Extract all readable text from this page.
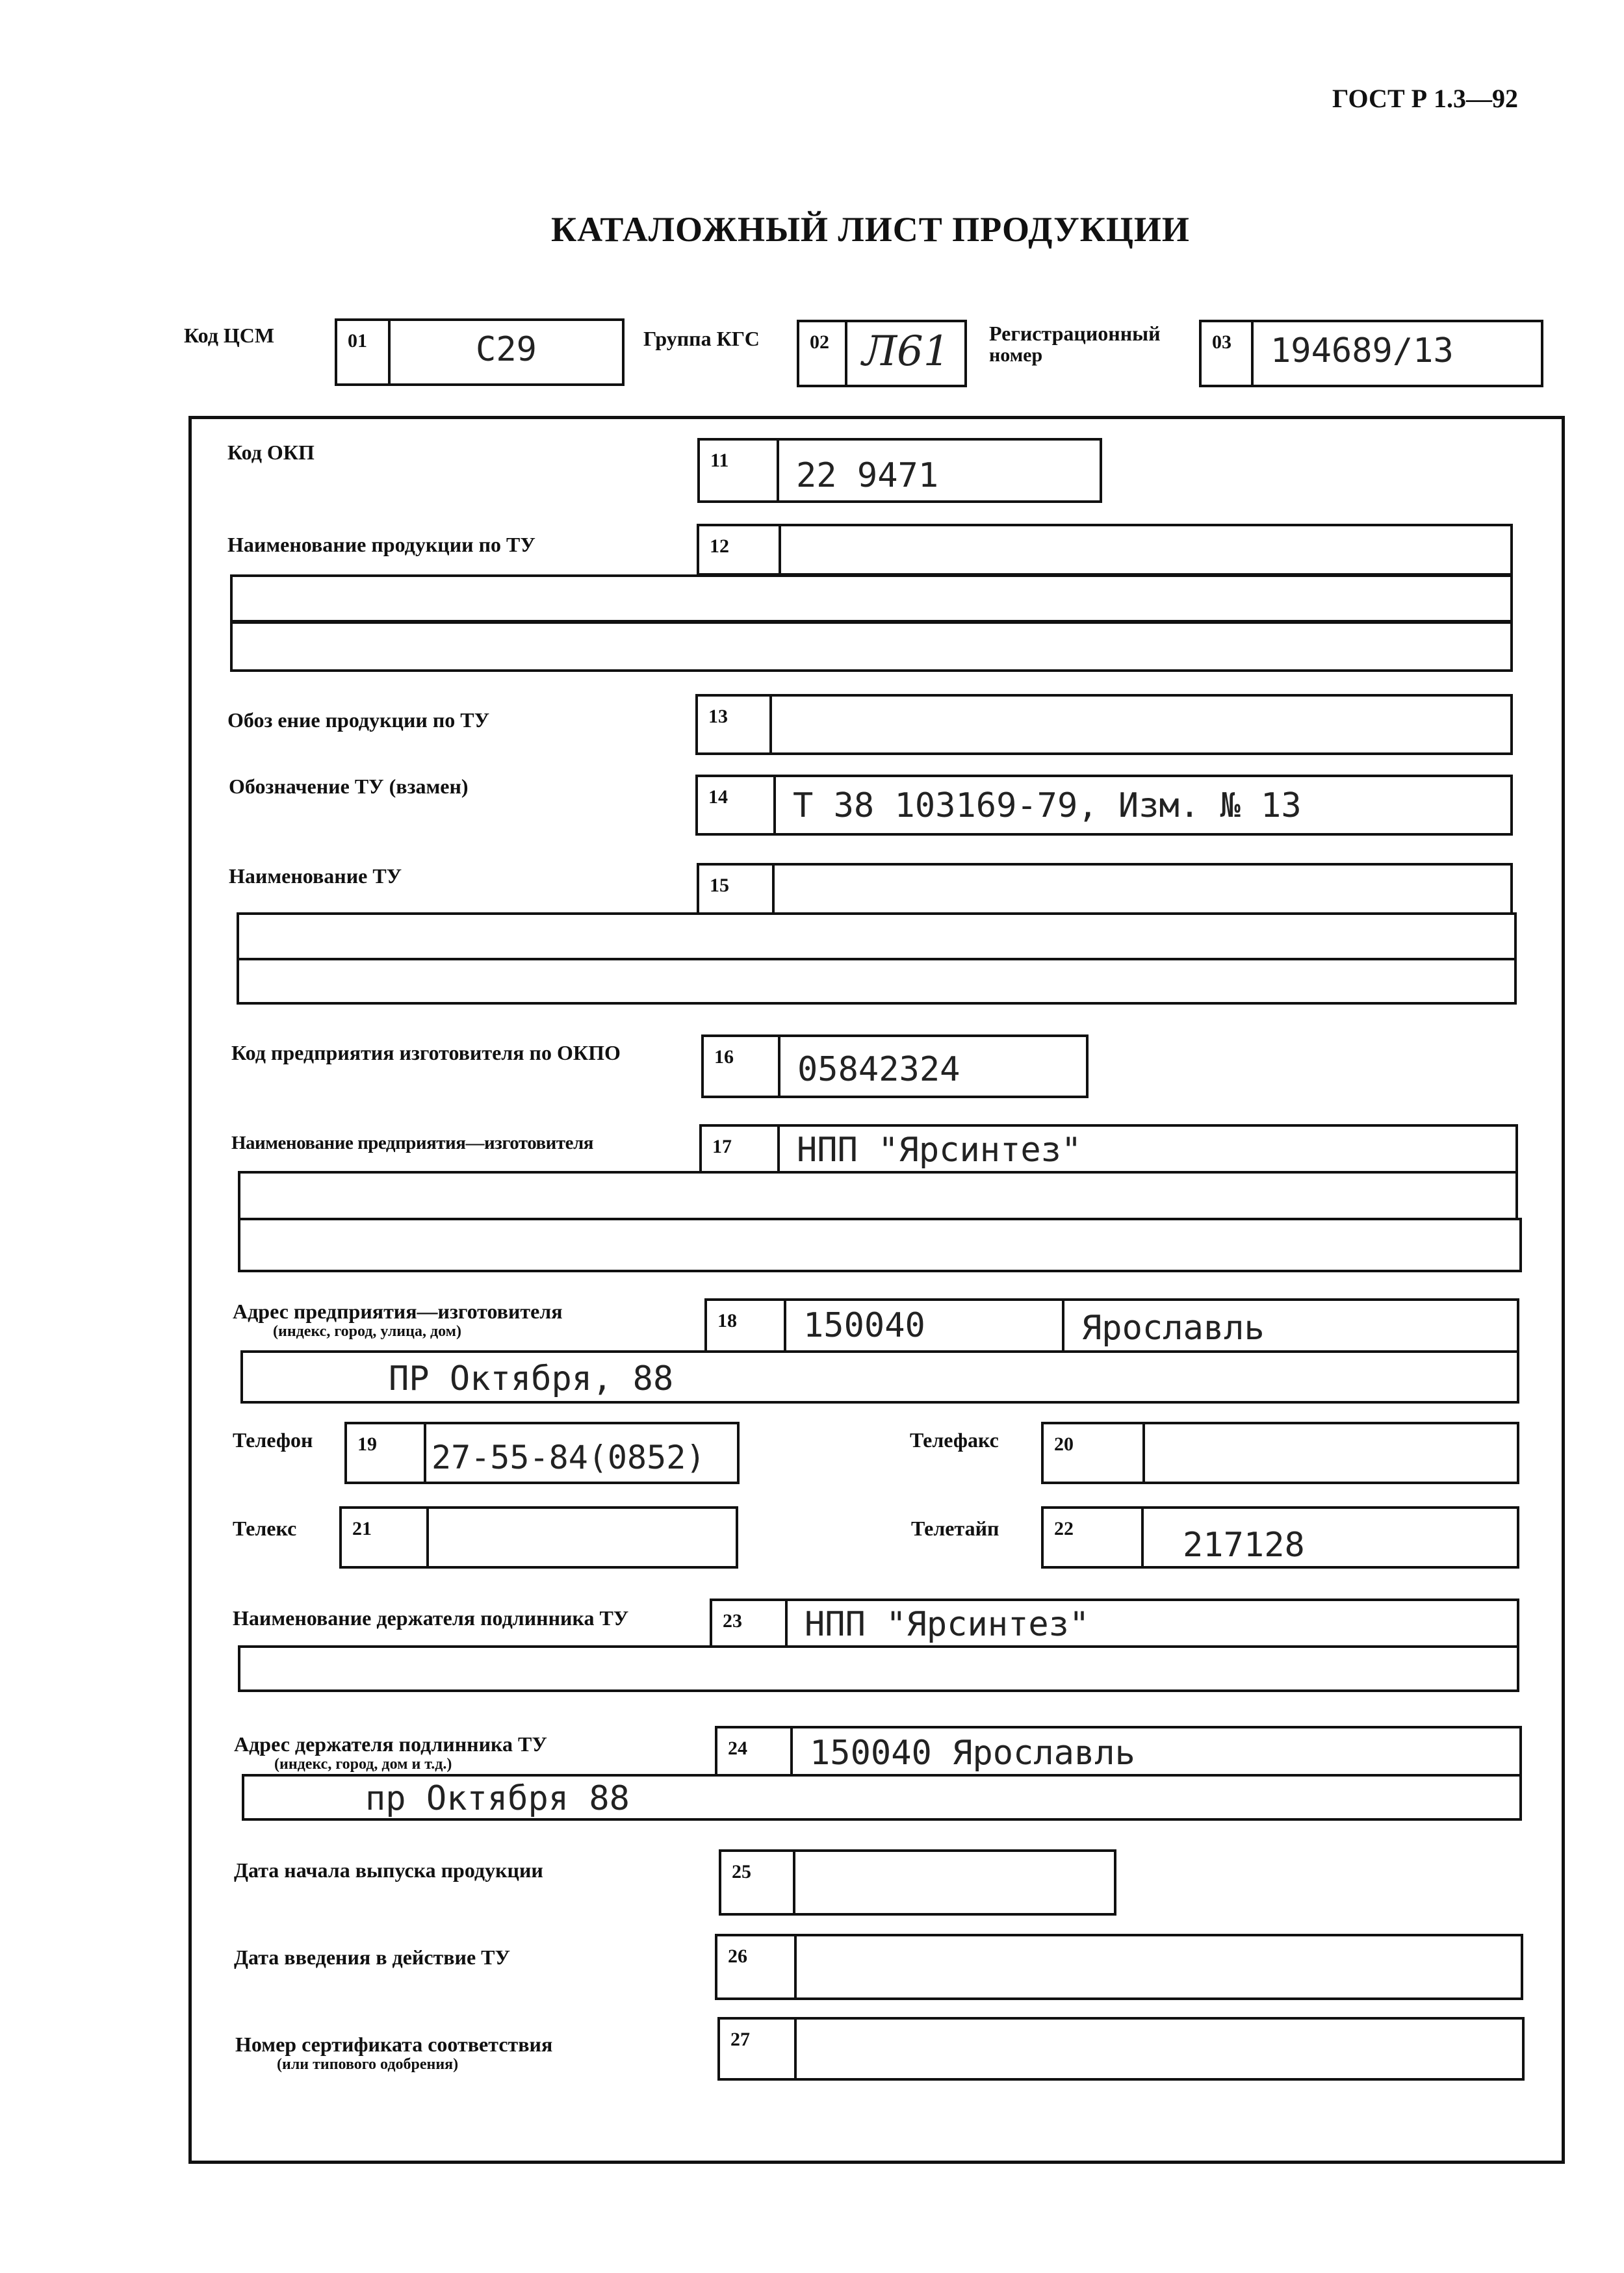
ГОСТ Р 1.3—92
КАТАЛОЖНЫЙ ЛИСТ ПРОДУКЦИИ
Код ЦСМ	01	С29	Группа КГС	02 Л61	Регистрационный
номер
03	194689/13
Код ОКП	11	22 9471
Наименование продукции по ТУ	12
Обоз ение продукции по ТУ	13
Обозначение ТУ (взамен)	14	Т 38 103169-79, Изм. № 13
Наименование ТУ	15
Код предприятия изготовителя по ОКПО	16	05842324
Наименование предприятия—изготовителя	17	НПП "Ярсинтез"
Адрес предприятия—изготовителя
(индекс, город, улица, дом)	18	150040	Ярославль
ПР Октября, 88
Телефон	19	27-55-84(0852)	Телефакс	20
Телекс	21	Телетайп	22	217128
Наименование держателя подлинника ТУ	23	НПП "Ярсинтез"
Адрес держателя подлинника ТУ
(индекс, город, дом и т.д.)
24	150040 Ярославль
пр Октября 88
Дата начала выпуска продукции	25
Дата введения в действие ТУ	26
Номер сертификата соответствия
(или типового одобрения)
27
